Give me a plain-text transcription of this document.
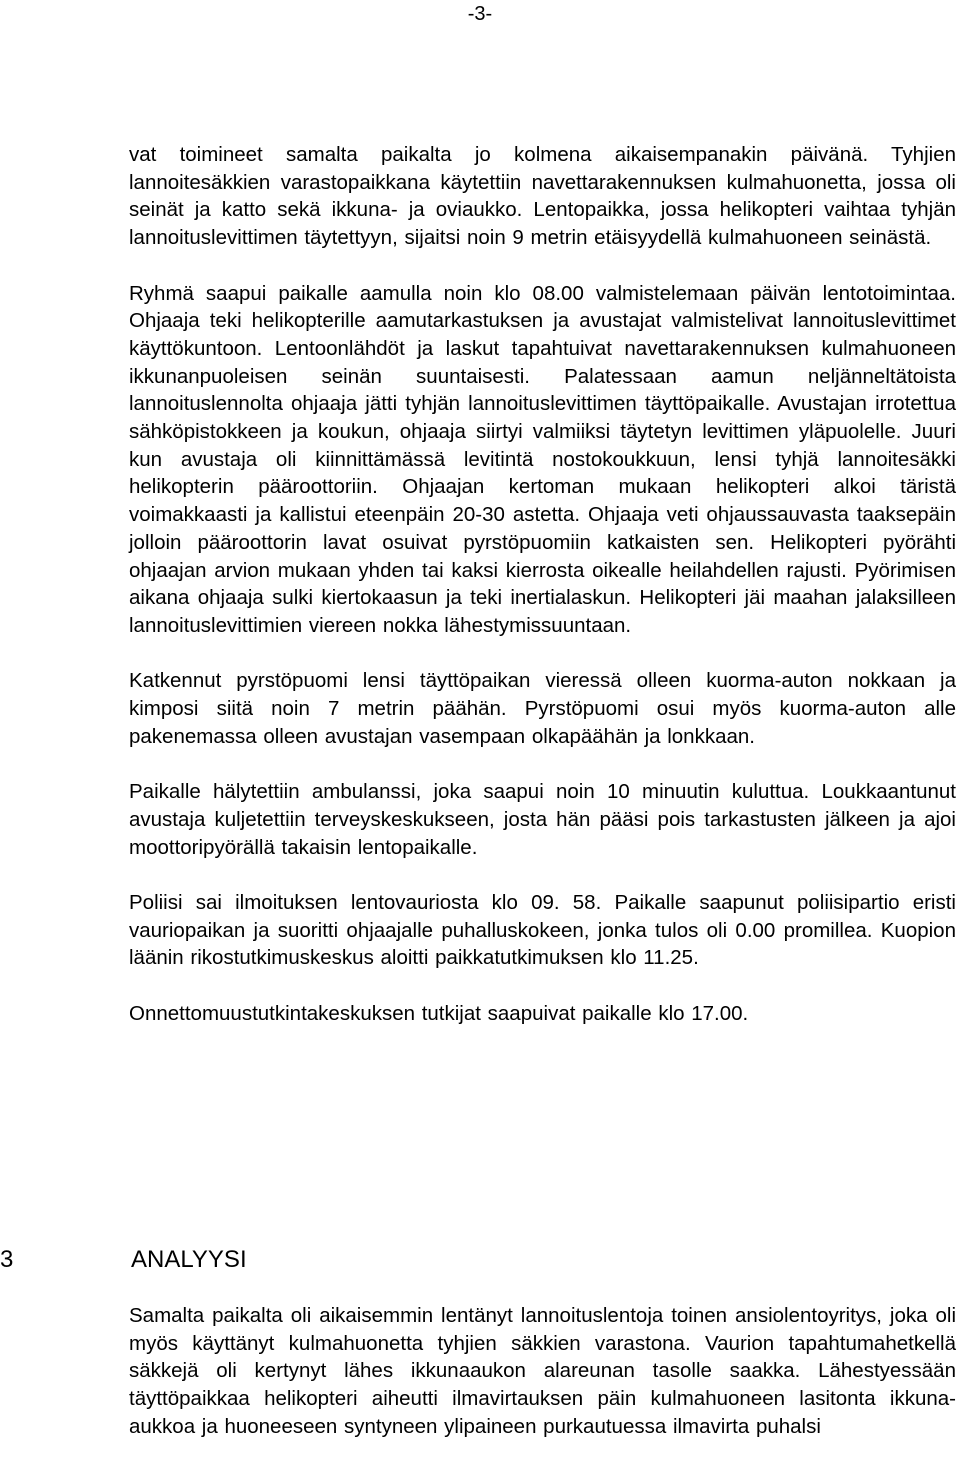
-3-

vat toimineet samalta paikalta jo kolmena aikaisempanakin päivänä. Tyhjien lannoitesäkkien varastopaikkana käytettiin navettarakennuksen kulmahuonetta, jossa oli seinät ja katto sekä ikkuna- ja oviaukko. Lentopaikka, jossa helikopteri vaihtaa tyhjän lannoituslevittimen täytettyyn, sijaitsi noin 9 metrin etäisyydellä kulmahuoneen seinästä.

Ryhmä saapui paikalle aamulla noin klo 08.00 valmistelemaan päivän lentotoimintaa. Ohjaaja teki helikopterille aamutarkastuksen ja avustajat valmistelivat lannoituslevittimet käyttökuntoon. Lentoonlähdöt ja laskut tapahtuivat navettarakennuksen kulmahuoneen ikkunanpuoleisen seinän suuntaisesti. Palatessaan aamun neljänneltätoista lannoituslennolta ohjaaja jätti tyhjän lannoituslevittimen täyttöpaikalle. Avustajan irrotettua sähköpistokkeen ja koukun, ohjaaja siirtyi valmiiksi täytetyn levittimen yläpuolelle. Juuri kun avustaja oli kiinnittämässä levitintä nostokoukkuun, lensi tyhjä lannoitesäkki helikopterin pääroottoriin. Ohjaajan kertoman mukaan helikopteri alkoi täristä voimakkaasti ja kallistui eteenpäin 20-30 astetta. Ohjaaja veti ohjaussauvasta taaksepäin jolloin pääroottorin lavat osuivat pyrstöpuomiin katkaisten sen. Helikopteri pyörähti ohjaajan arvion mukaan yhden tai kaksi kierrosta oikealle heilahdellen rajusti. Pyörimisen aikana ohjaaja sulki kiertokaasun ja teki inertialaskun. Helikopteri jäi maahan jalaksilleen lannoituslevittimien viereen nokka lähestymissuuntaan.

Katkennut pyrstöpuomi lensi täyttöpaikan vieressä olleen kuorma-auton nokkaan ja kimposi siitä noin 7 metrin päähän. Pyrstöpuomi osui myös kuorma-auton alle pakenemassa olleen avustajan vasempaan olkapäähän ja lonkkaan.

Paikalle hälytettiin ambulanssi, joka saapui noin 10 minuutin kuluttua. Loukkaantunut avustaja kuljetettiin terveyskeskukseen, josta hän pääsi pois tarkastusten jälkeen ja ajoi moottoripyörällä takaisin lentopaikalle.

Poliisi sai ilmoituksen lentovauriosta klo 09. 58. Paikalle saapunut poliisipartio eristi vauriopaikan ja suoritti ohjaajalle puhalluskokeen, jonka tulos oli 0.00 promillea. Kuopion läänin rikostutkimuskeskus aloitti paikkatutkimuksen klo 11.25.

Onnettomuustutkintakeskuksen tutkijat saapuivat paikalle klo 17.00.

3	ANALYYSI

Samalta paikalta oli aikaisemmin lentänyt lannoituslentoja toinen ansiolentoyritys, joka oli myös käyttänyt kulmahuonetta tyhjien säkkien varastona. Vaurion tapahtumahetkellä säkkejä oli kertynyt lähes ikkunaaukon alareunan tasolle saakka. Lähestyessään täyttöpaikkaa helikopteri aiheutti ilmavirtauksen päin kulmahuoneen lasitonta ikkuna-aukkoa ja huoneeseen syntyneen ylipaineen purkautuessa ilmavirta puhalsi
